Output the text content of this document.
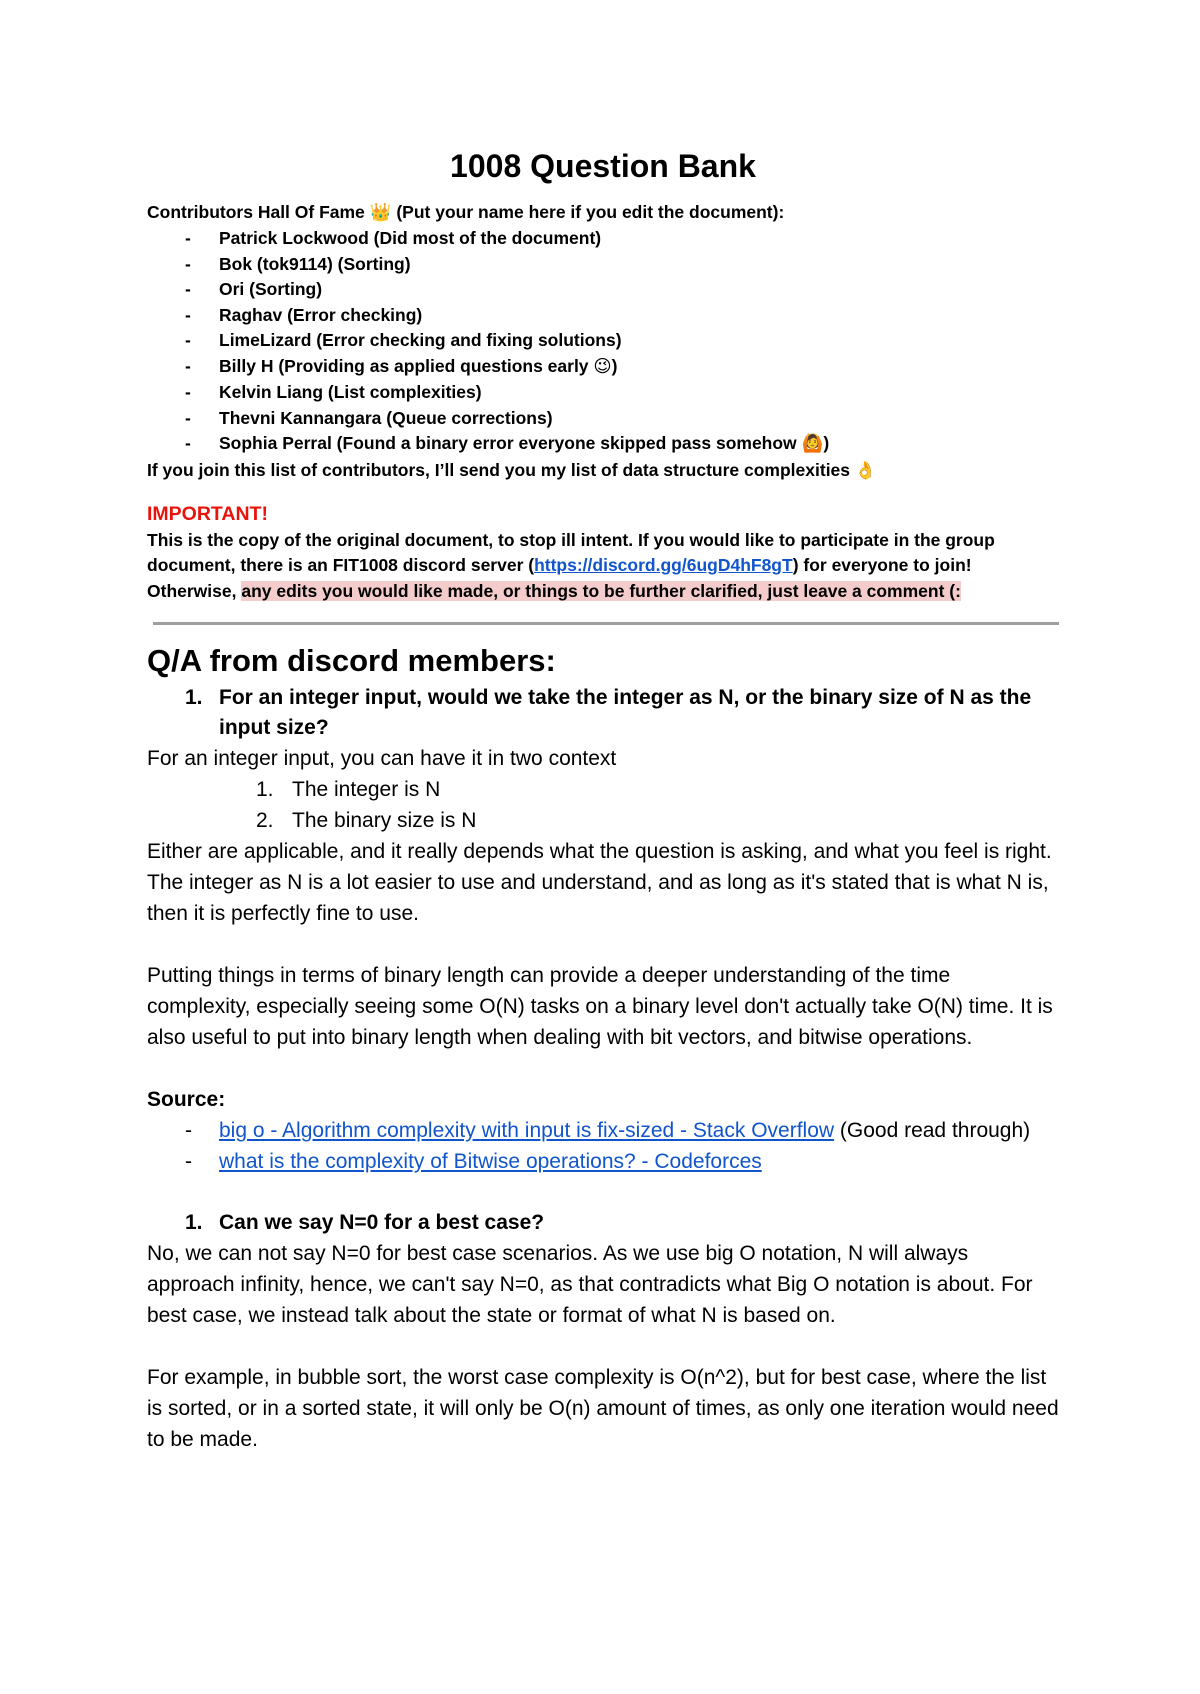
1008 Question Bank

Contributors Hall Of Fame 👑 (Put your name here if you edit the document):

- Patrick Lockwood (Did most of the document)
- Bok (tok9114) (Sorting)
- Ori (Sorting)
- Raghav (Error checking)
- LimeLizard (Error checking and fixing solutions)
- Billy H (Providing as applied questions early 😉)
- Kelvin Liang (List complexities)
- Thevni Kannangara (Queue corrections)
- Sophia Perral (Found a binary error everyone skipped pass somehow 🙆)

If you join this list of contributors, I’ll send you my list of data structure complexities 👌

IMPORTANT!

This is the copy of the original document, to stop ill intent. If you would like to participate in the group document, there is an FIT1008 discord server (https://discord.gg/6ugD4hF8gT) for everyone to join! Otherwise, any edits you would like made, or things to be further clarified, just leave a comment (:

Q/A from discord members:
1. For an integer input, would we take the integer as N, or the binary size of N as the input size?

For an integer input, you can have it in two context

1. The integer is N
2. The binary size is N

Either are applicable, and it really depends what the question is asking, and what you feel is right. The integer as N is a lot easier to use and understand, and as long as it's stated that is what N is, then it is perfectly fine to use.

Putting things in terms of binary length can provide a deeper understanding of the time complexity, especially seeing some O(N) tasks on a binary level don't actually take O(N) time. It is also useful to put into binary length when dealing with bit vectors, and bitwise operations.

Source:

- big o - Algorithm complexity with input is fix-sized - Stack Overflow (Good read through)
- what is the complexity of Bitwise operations? - Codeforces
1. Can we say N=0 for a best case?

No, we can not say N=0 for best case scenarios. As we use big O notation, N will always approach infinity, hence, we can't say N=0, as that contradicts what Big O notation is about. For best case, we instead talk about the state or format of what N is based on.

For example, in bubble sort, the worst case complexity is O(n^2), but for best case, where the list is sorted, or in a sorted state, it will only be O(n) amount of times, as only one iteration would need to be made.
